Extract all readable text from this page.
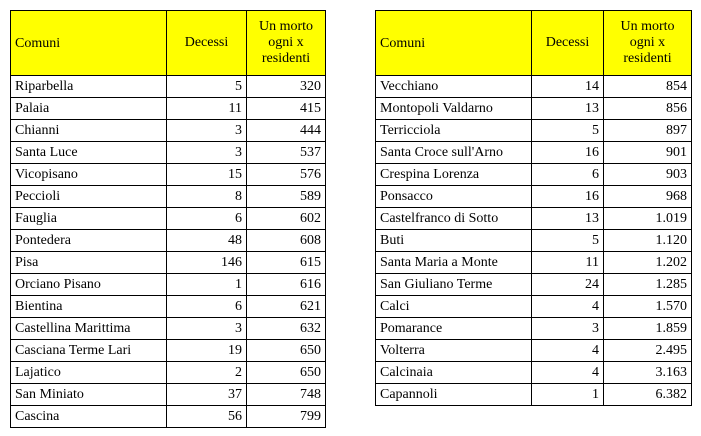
Comuni	Decessi	Un morto
ogni x
residenti

Riparbella	5	320
Palaia	11	415
Chianni	3	444
Santa Luce	3	537
Vicopisano	15	576
Peccioli	8	589
Fauglia	6	602
Pontedera	48	608
Pisa	146	615
Orciano Pisano	1	616
Bientina	6	621
Castellina Marittima	3	632
Casciana Terme Lari	19	650
Lajatico	2	650
San Miniato	37	748
Cascina	56	799
Comuni	Decessi	Un morto
ogni x
residenti

Vecchiano	14	854
Montopoli Valdarno	13	856
Terricciola	5	897
Santa Croce sull'Arno	16	901
Crespina Lorenza	6	903
Ponsacco	16	968
Castelfranco di Sotto	13	1.019
Buti	5	1.120
Santa Maria a Monte	11	1.202
San Giuliano Terme	24	1.285
Calci	4	1.570
Pomarance	3	1.859
Volterra	4	2.495
Calcinaia	4	3.163
Capannoli	1	6.382
